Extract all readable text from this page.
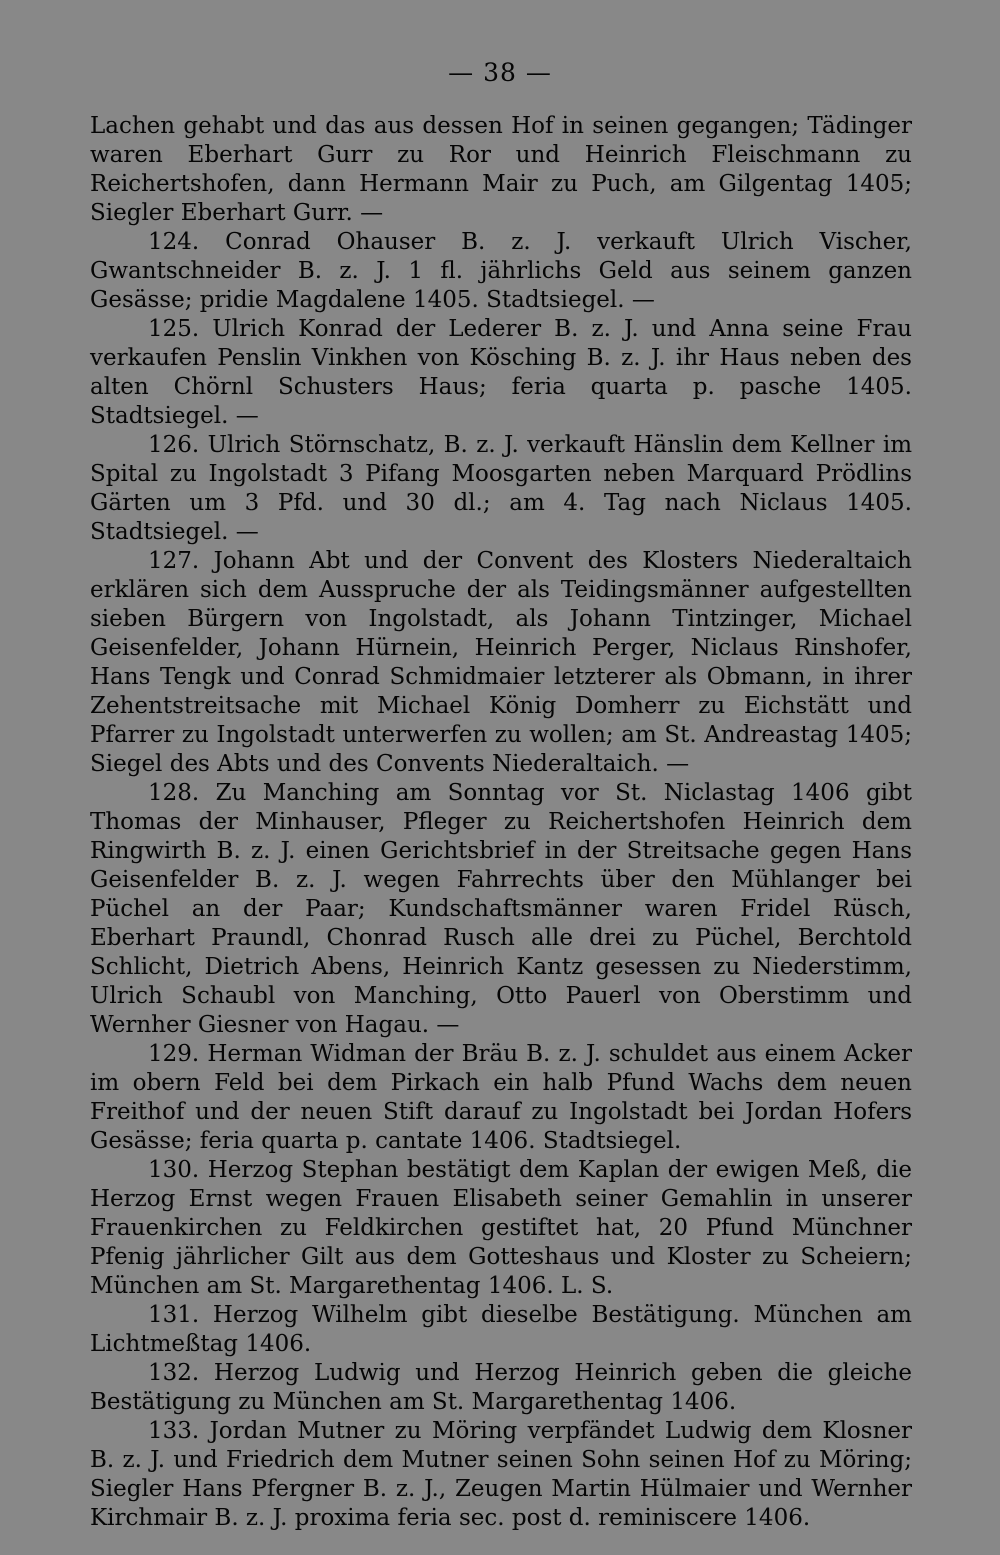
— 38 —

Lachen gehabt und das aus dessen Hof in seinen gegangen; Tädinger waren Eberhart Gurr zu Ror und Heinrich Fleischmann zu Reichertshofen, dann Hermann Mair zu Puch, am Gilgentag 1405; Siegler Eberhart Gurr. —

124. Conrad Ohauser B. z. J. verkauft Ulrich Vischer, Gwantschneider B. z. J. 1 fl. jährlichs Geld aus seinem ganzen Gesässe; pridie Magdalene 1405. Stadtsiegel. —

125. Ulrich Konrad der Lederer B. z. J. und Anna seine Frau verkaufen Penslin Vinkhen von Kösching B. z. J. ihr Haus neben des alten Chörnl Schusters Haus; feria quarta p. pasche 1405. Stadtsiegel. —

126. Ulrich Störnschatz, B. z. J. verkauft Hänslin dem Kellner im Spital zu Ingolstadt 3 Pifang Moosgarten neben Marquard Prödlins Gärten um 3 Pfd. und 30 dl.; am 4. Tag nach Niclaus 1405. Stadtsiegel. —

127. Johann Abt und der Convent des Klosters Niederaltaich erklären sich dem Ausspruche der als Teidingsmänner aufgestellten sieben Bürgern von Ingolstadt, als Johann Tintzinger, Michael Geisenfelder, Johann Hürnein, Heinrich Perger, Niclaus Rinshofer, Hans Tengk und Conrad Schmidmaier letzterer als Obmann, in ihrer Zehentstreitsache mit Michael König Domherr zu Eichstätt und Pfarrer zu Ingolstadt unterwerfen zu wollen; am St. Andreastag 1405; Siegel des Abts und des Convents Niederaltaich. —

128. Zu Manching am Sonntag vor St. Niclastag 1406 gibt Thomas der Minhauser, Pfleger zu Reichertshofen Heinrich dem Ringwirth B. z. J. einen Gerichtsbrief in der Streitsache gegen Hans Geisenfelder B. z. J. wegen Fahrrechts über den Mühlanger bei Püchel an der Paar; Kundschaftsmänner waren Fridel Rüsch, Eberhart Praundl, Chonrad Rusch alle drei zu Püchel, Berchtold Schlicht, Dietrich Abens, Heinrich Kantz gesessen zu Niederstimm, Ulrich Schaubl von Manching, Otto Pauerl von Oberstimm und Wernher Giesner von Hagau. —

129. Herman Widman der Bräu B. z. J. schuldet aus einem Acker im obern Feld bei dem Pirkach ein halb Pfund Wachs dem neuen Freithof und der neuen Stift darauf zu Ingolstadt bei Jordan Hofers Gesässe; feria quarta p. cantate 1406. Stadtsiegel.

130. Herzog Stephan bestätigt dem Kaplan der ewigen Meß, die Herzog Ernst wegen Frauen Elisabeth seiner Gemahlin in unserer Frauenkirchen zu Feldkirchen gestiftet hat, 20 Pfund Münchner Pfenig jährlicher Gilt aus dem Gotteshaus und Kloster zu Scheiern; München am St. Margarethentag 1406. L. S.

131. Herzog Wilhelm gibt dieselbe Bestätigung. München am Lichtmeßtag 1406.

132. Herzog Ludwig und Herzog Heinrich geben die gleiche Bestätigung zu München am St. Margarethentag 1406.

133. Jordan Mutner zu Möring verpfändet Ludwig dem Klosner B. z. J. und Friedrich dem Mutner seinen Sohn seinen Hof zu Möring; Siegler Hans Pfergner B. z. J., Zeugen Martin Hülmaier und Wernher Kirchmair B. z. J. proxima feria sec. post d. reminiscere 1406.
